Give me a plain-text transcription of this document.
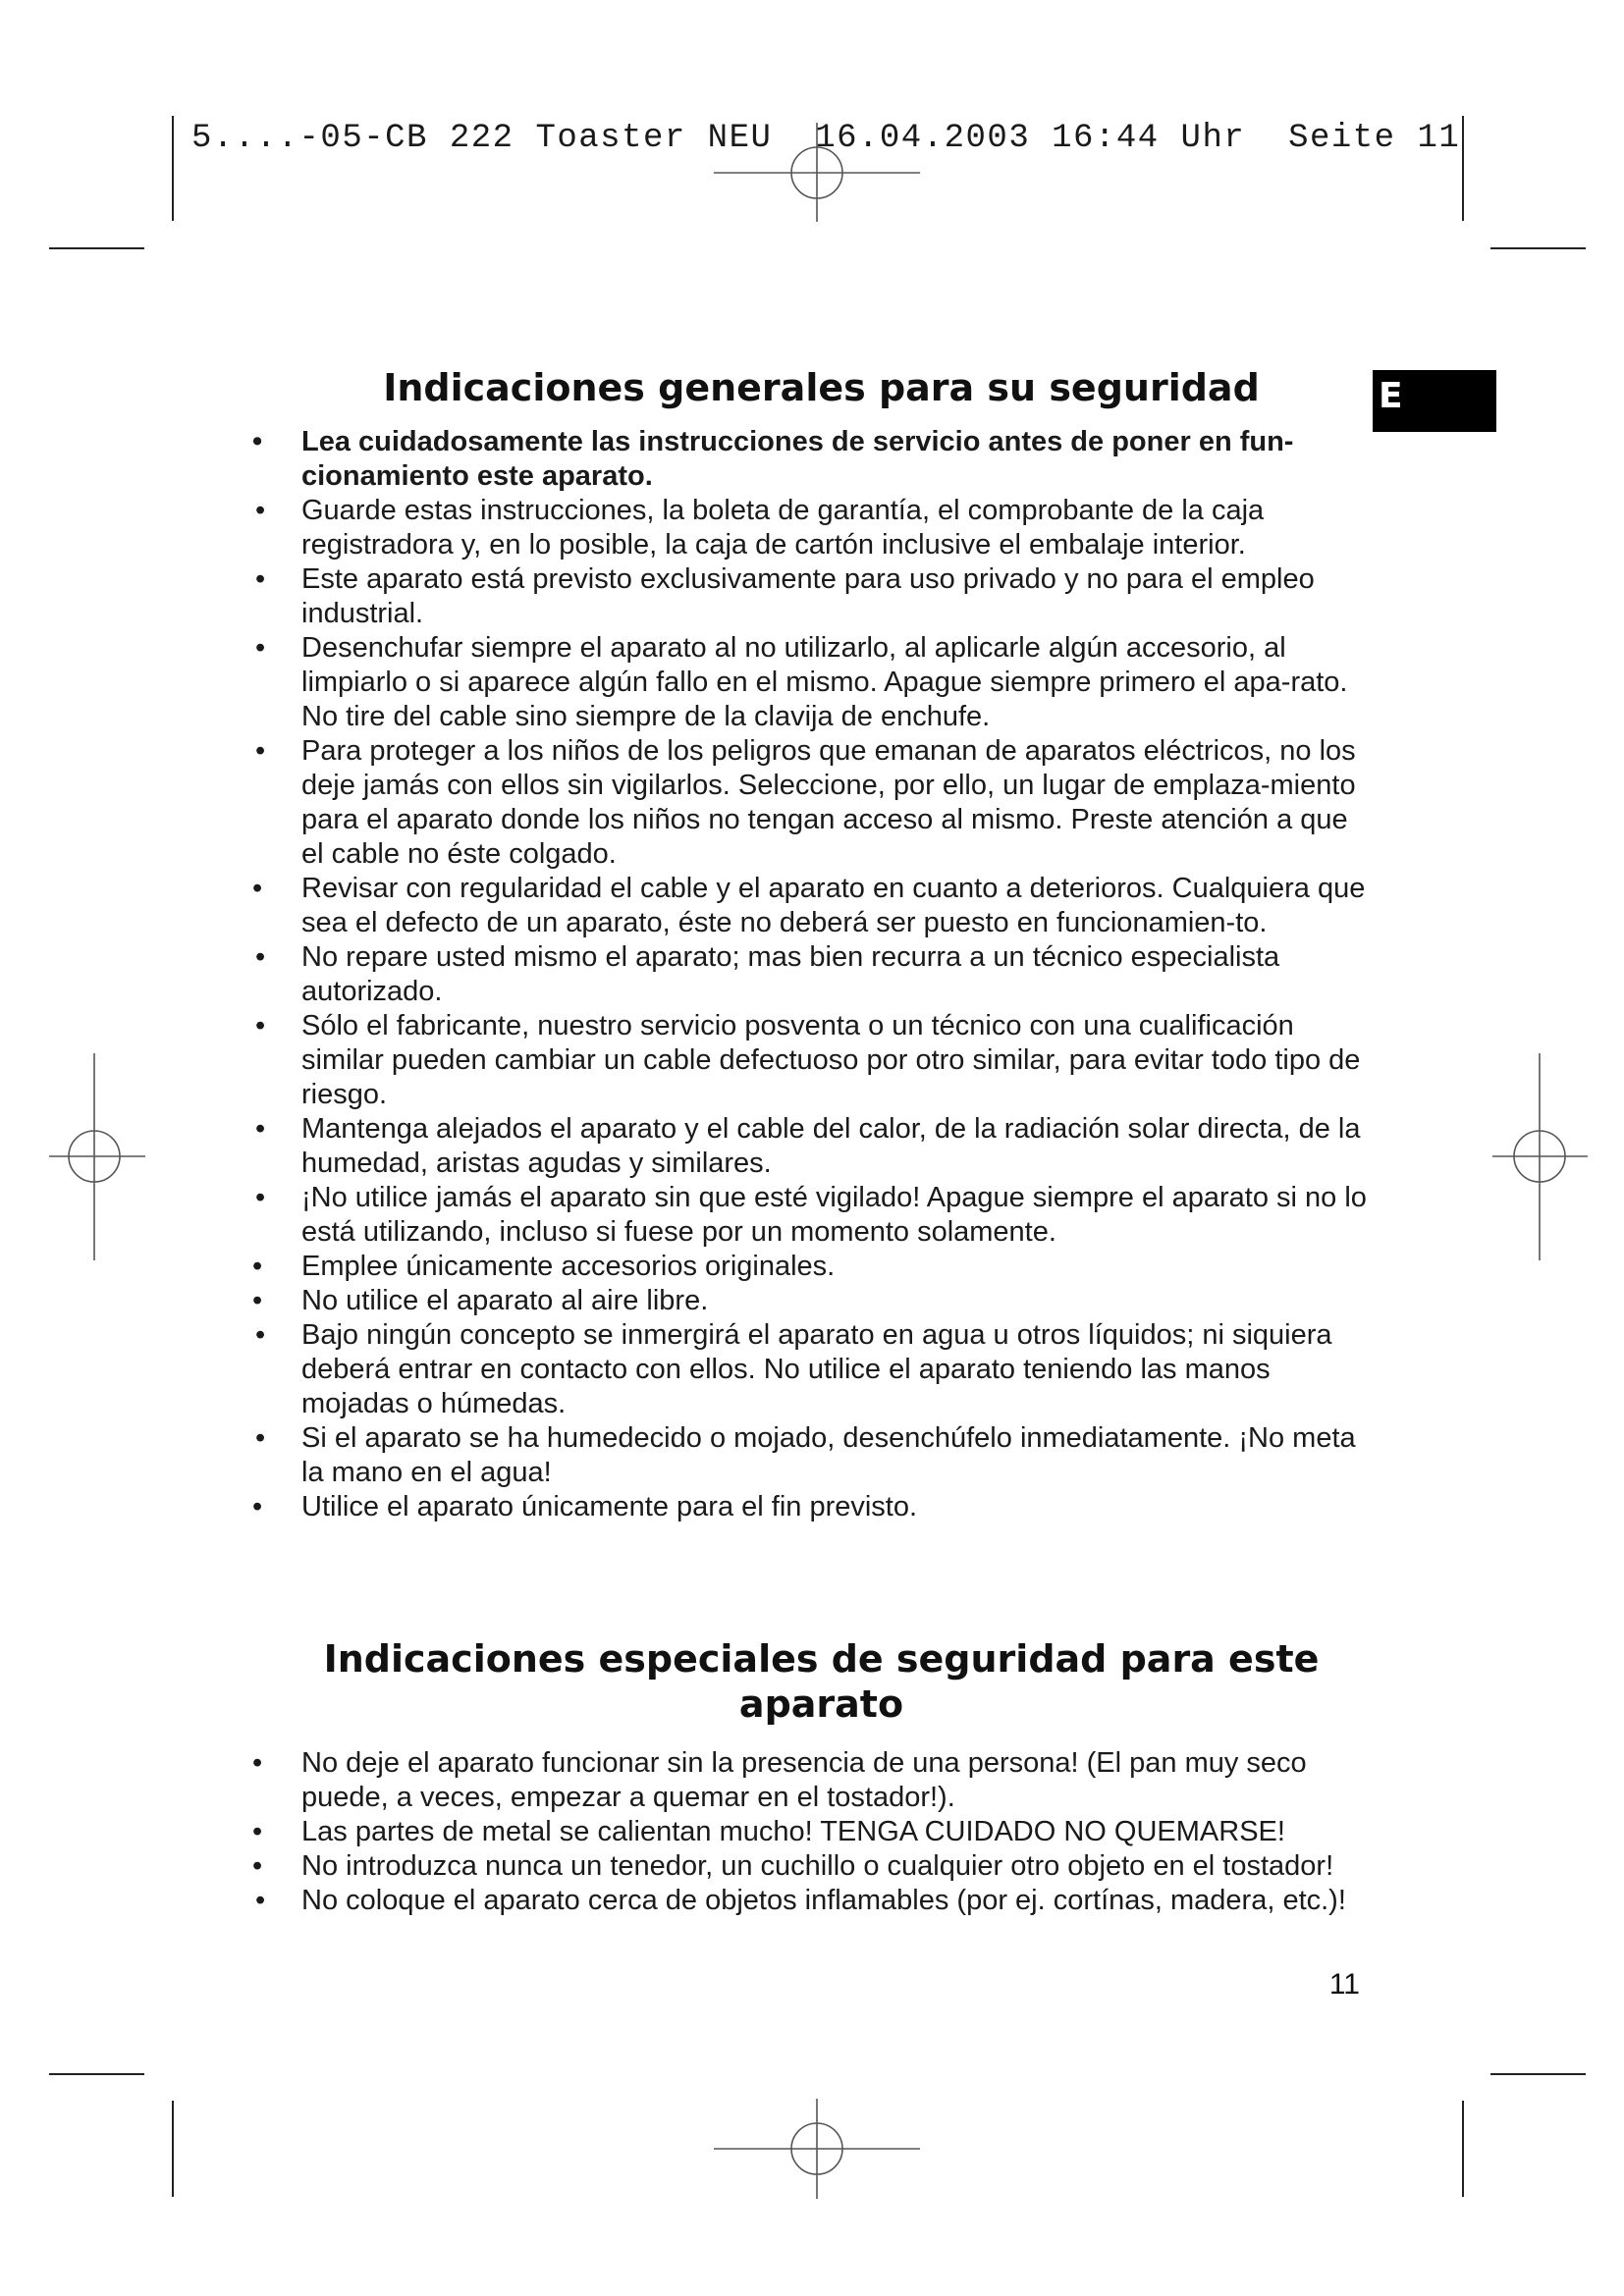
5....-05-CB 222 Toaster NEU  16.04.2003 16:44 Uhr  Seite 11
E
Indicaciones generales para su seguridad
• Lea cuidadosamente las instrucciones de servicio antes de poner en fun-cionamiento este aparato.
• Guarde estas instrucciones, la boleta de garantía, el comprobante de la caja registradora y, en lo posible, la caja de cartón inclusive el embalaje interior.
• Este aparato está previsto exclusivamente para uso privado y no para el empleo industrial.
• Desenchufar siempre el aparato al no utilizarlo, al aplicarle algún accesorio, al limpiarlo o si aparece algún fallo en el mismo. Apague siempre primero el apa-rato. No tire del cable sino siempre de la clavija de enchufe.
• Para proteger a los niños de los peligros que emanan de aparatos eléctricos, no los deje jamás con ellos sin vigilarlos. Seleccione, por ello, un lugar de emplaza-miento para el aparato donde los niños no tengan acceso al mismo. Preste atención a que el cable no éste colgado.
• Revisar con regularidad el cable y el aparato en cuanto a deterioros. Cualquiera que sea el defecto de un aparato, éste no deberá ser puesto en funcionamien-to.
• No repare usted mismo el aparato; mas bien recurra a un técnico especialista autorizado.
• Sólo el fabricante, nuestro servicio posventa o un técnico con una cualificación similar pueden cambiar un cable defectuoso por otro similar, para evitar todo tipo de riesgo.
• Mantenga alejados el aparato y el cable del calor, de la radiación solar directa, de la humedad, aristas agudas y similares.
• ¡No utilice jamás el aparato sin que esté vigilado! Apague siempre el aparato si no lo está utilizando, incluso si fuese por un momento solamente.
• Emplee únicamente accesorios originales.
• No utilice el aparato al aire libre.
• Bajo ningún concepto se inmergirá el aparato en agua u otros líquidos; ni siquiera deberá entrar en contacto con ellos. No utilice el aparato teniendo las manos mojadas o húmedas.
• Si el aparato se ha humedecido o mojado, desenchúfelo inmediatamente. ¡No meta la mano en el agua!
• Utilice el aparato únicamente para el fin previsto.
Indicaciones especiales de seguridad para este aparato
• No deje el aparato funcionar sin la presencia de una persona! (El pan muy seco puede, a veces, empezar a quemar en el tostador!).
• Las partes de metal se calientan mucho! TENGA CUIDADO NO QUEMARSE!
• No introduzca nunca un tenedor, un cuchillo o cualquier otro objeto en el tostador!
• No coloque el aparato cerca de objetos inflamables (por ej. cortínas, madera, etc.)!
11
